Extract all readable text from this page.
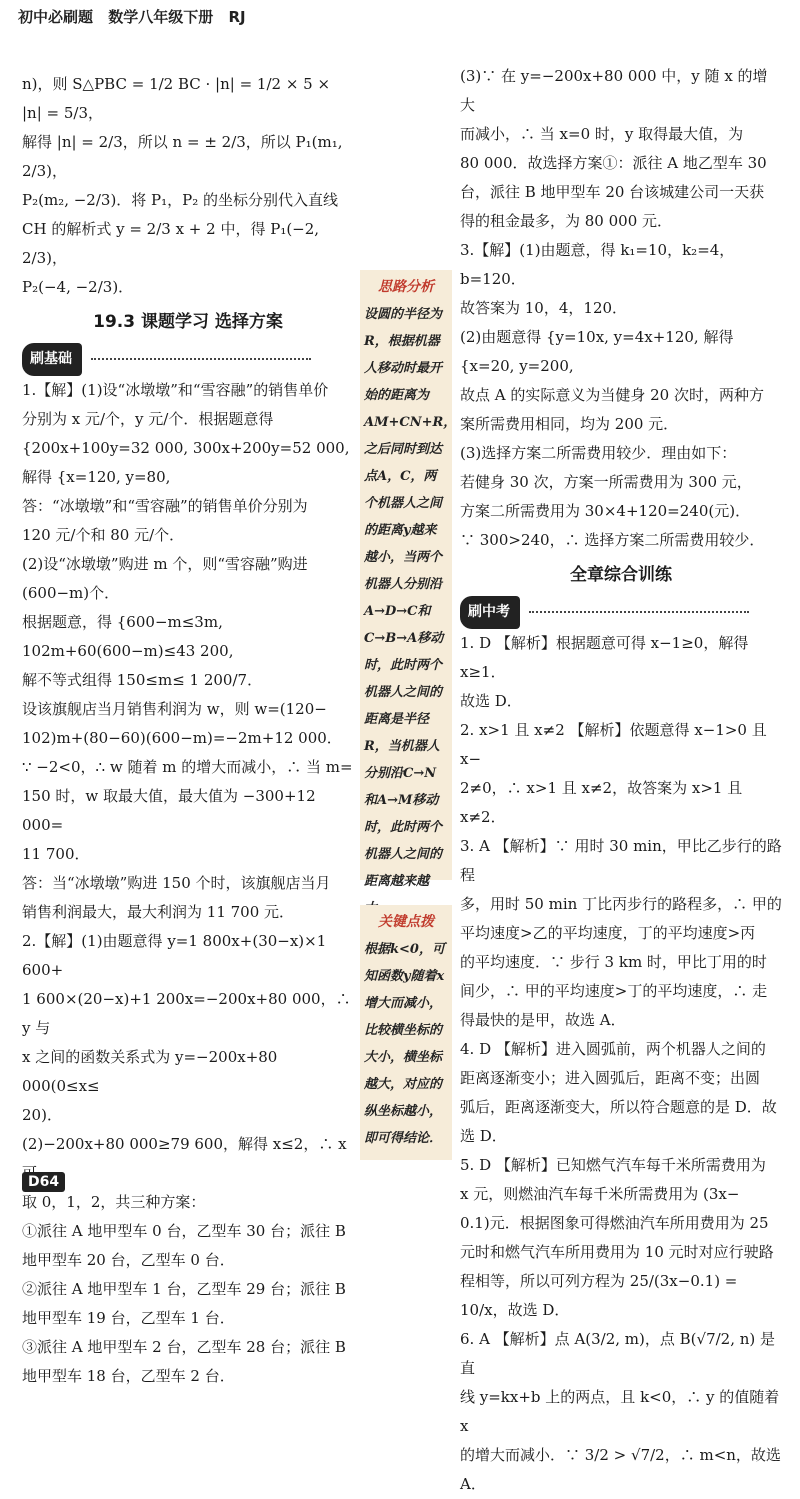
初中必刷题 数学八年级下册 RJ

n)，则 S△PBC = 1/2 BC · |n| = 1/2 × 5 × |n| = 5/3，

解得 |n| = 2/3，所以 n = ± 2/3，所以 P₁(m₁, 2/3)，

P₂(m₂, −2/3)．将 P₁，P₂ 的坐标分别代入直线

CH 的解析式 y = 2/3 x + 2 中，得 P₁(−2, 2/3)，

P₂(−4, −2/3)．

19.3 课题学习 选择方案
刷基础

1.【解】(1)设“冰墩墩”和“雪容融”的销售单价

分别为 x 元/个，y 元/个．根据题意得

{200x+100y=32 000, 300x+200y=52 000, 解得 {x=120, y=80,

答：“冰墩墩”和“雪容融”的销售单价分别为

120 元/个和 80 元/个．

(2)设“冰墩墩”购进 m 个，则“雪容融”购进

(600−m)个．

根据题意，得 {600−m≤3m, 102m+60(600−m)≤43 200,

解不等式组得 150≤m≤ 1 200/7．

设该旗舰店当月销售利润为 w，则 w=(120−

102)m+(80−60)(600−m)=−2m+12 000．

∵ −2<0，∴ w 随着 m 的增大而减小，∴ 当 m=

150 时，w 取最大值，最大值为 −300+12 000=

11 700．

答：当“冰墩墩”购进 150 个时，该旗舰店当月

销售利润最大，最大利润为 11 700 元．

2.【解】(1)由题意得 y=1 800x+(30−x)×1 600+

1 600×(20−x)+1 200x=−200x+80 000，∴ y 与

x 之间的函数关系式为 y=−200x+80 000(0≤x≤

20)．

(2)−200x+80 000≥79 600，解得 x≤2，∴ x

取 0，1，2，共三种方案：

①派往 A 地甲型车 0 台，乙型车 30 台；派往 B

地甲型车 20 台，乙型车 0 台．

②派往 A 地甲型车 1 台，乙型车 29 台；派往 B

地甲型车 19 台，乙型车 1 台．

③派往 A 地甲型车 2 台，乙型车 28 台；派往 B

地甲型车 18 台，乙型车 2 台．

思路分析
设圆的半径为R，根据机器人移动时最开始的距离为AM+CN+R，之后同时到达点A，C，两个机器人之间的距离y越来越小，当两个机器人分别沿A→D→C和C→B→A移动时，此时两个机器人之间的距离是半径R，当机器人分别沿C→N和A→M移动时，此时两个机器人之间的距离越来越
关键点拨
根据k<0，可知函数y随着x增大而减小，比较横坐标的大小，横坐标越大，对应的纵坐标越小，即可得结论．

(3)∵ 在 y=−200x+80 000 中，y 随 x 的增大

而减小，∴ 当 x=0 时，y 取得最大值，为

80 000．故选择方案①：派往 A 地乙型车 30

台，派往 B 地甲型车 20 台该城建公司一天获

得的租金最多，为 80 000 元．

3.【解】(1)由题意，得 k₁=10，k₂=4，b=120．

故答案为 10，4，120．

(2)由题意得 {y=10x, y=4x+120, 解得 {x=20, y=200,

故点 A 的实际意义为当健身 20 次时，两种方

案所需费用相同，均为 200 元．

(3)选择方案二所需费用较少．理由如下：

若健身 30 次，方案一所需费用为 300 元，

方案二所需费用为 30×4+120=240(元)．

∵ 300>240，∴ 选择方案二所需费用较少．

全章综合训练
刷中考

1. D 【解析】根据题意可得 x−1≥0，解得 x≥1．

故选 D．

2. x>1 且 x≠2 【解析】依题意得 x−1>0 且 x−

2≠0，∴ x>1 且 x≠2，故答案为 x>1 且 x≠2．

3. A 【解析】∵ 用时 30 min，甲比乙步行的路程

多，用时 50 min 丁比丙步行的路程多，∴ 甲的

平均速度>乙的平均速度，丁的平均速度>丙

的平均速度．∵ 步行 3 km 时，甲比丁用的时

间少，∴ 甲的平均速度>丁的平均速度，∴ 走

得最快的是甲，故选 A．

4. D 【解析】进入圆弧前，两个机器人之间的

距离逐渐变小；进入圆弧后，距离不变；出圆

弧后，距离逐渐变大，所以符合题意的是 D．故

选 D．

5. D 【解析】已知燃气汽车每千米所需费用为

x 元，则燃油汽车每千米所需费用为 (3x−

0.1)元．根据图象可得燃油汽车所用费用为 25

元时和燃气汽车所用费用为 10 元时对应行驶路

程相等，所以可列方程为 25/(3x−0.1) = 10/x，故选 D．

6. A 【解析】点 A(3/2, m)，点 B(√7/2, n) 是直

线 y=kx+b 上的两点，且 k<0，∴ y 的值随着 x

的增大而减小．∵ 3/2 > √7/2，∴ m<n，故选 A．

D64
